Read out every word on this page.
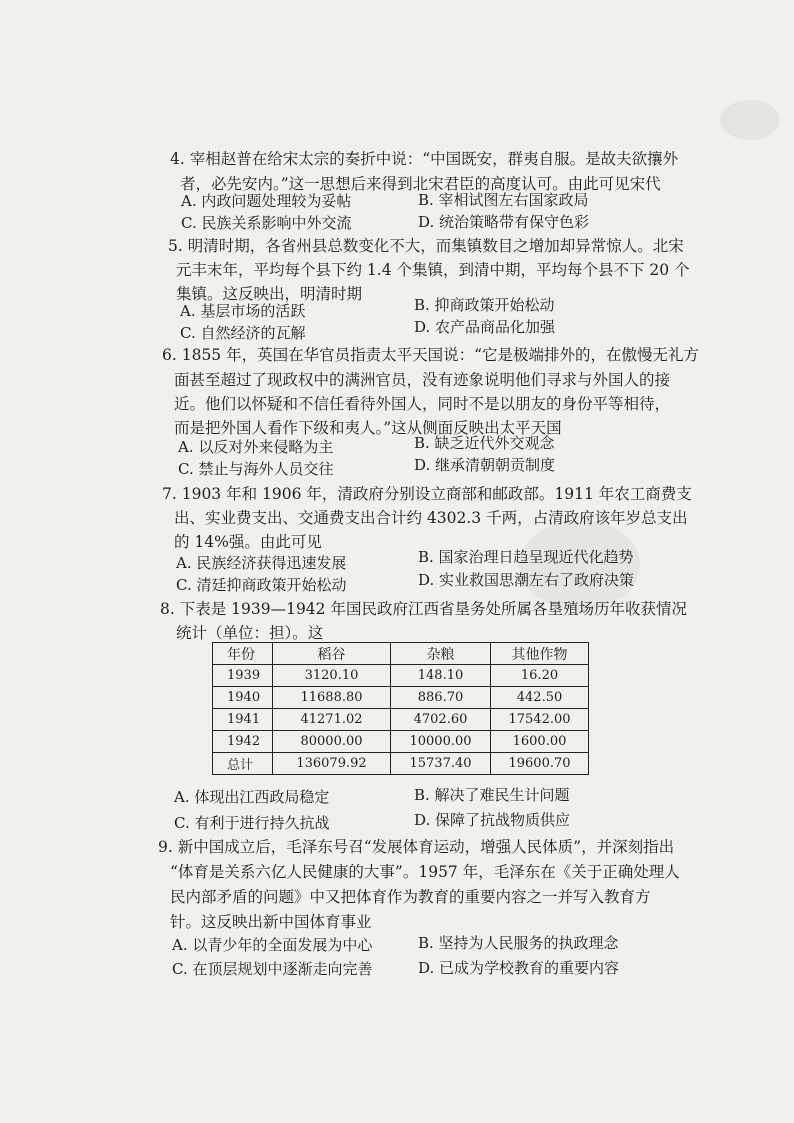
4. 宰相赵普在给宋太宗的奏折中说：“中国既安，群夷自服。是故夫欲攘外
者，必先安内。”这一思想后来得到北宋君臣的高度认可。由此可见宋代
A. 内政问题处理较为妥帖	B. 宰相试图左右国家政局
C. 民族关系影响中外交流	D. 统治策略带有保守色彩
5. 明清时期，各省州县总数变化不大，而集镇数目之增加却异常惊人。北宋
元丰末年，平均每个县下约 1.4 个集镇，到清中期，平均每个县不下 20 个
集镇。这反映出，明清时期
A. 基层市场的活跃	B. 抑商政策开始松动
C. 自然经济的瓦解	D. 农产品商品化加强
6. 1855 年，英国在华官员指责太平天国说：“它是极端排外的，在傲慢无礼方
面甚至超过了现政权中的满洲官员，没有迹象说明他们寻求与外国人的接
近。他们以怀疑和不信任看待外国人，同时不是以朋友的身份平等相待，
而是把外国人看作下级和夷人。”这从侧面反映出太平天国
A. 以反对外来侵略为主	B. 缺乏近代外交观念
C. 禁止与海外人员交往	D. 继承清朝朝贡制度
7. 1903 年和 1906 年，清政府分别设立商部和邮政部。1911 年农工商费支
出、实业费支出、交通费支出合计约 4302.3 千两，占清政府该年岁总支出
的 14%强。由此可见
A. 民族经济获得迅速发展	B. 国家治理日趋呈现近代化趋势
C. 清廷抑商政策开始松动	D. 实业救国思潮左右了政府决策
8. 下表是 1939—1942 年国民政府江西省垦务处所属各垦殖场历年收获情况
统计（单位：担）。这
年份	稻谷	杂粮	其他作物
1939	3120.10	148.10	16.20
1940	11688.80	886.70	442.50
1941	41271.02	4702.60	17542.00
1942	80000.00	10000.00	1600.00
总计	136079.92	15737.40	19600.70
A. 体现出江西政局稳定	B. 解决了难民生计问题
C. 有利于进行持久抗战	D. 保障了抗战物质供应
9. 新中国成立后，毛泽东号召“发展体育运动，增强人民体质”，并深刻指出
“体育是关系六亿人民健康的大事”。1957 年，毛泽东在《关于正确处理人
民内部矛盾的问题》中又把体育作为教育的重要内容之一并写入教育方
针。这反映出新中国体育事业
A. 以青少年的全面发展为中心	B. 坚持为人民服务的执政理念
C. 在顶层规划中逐渐走向完善	D. 已成为学校教育的重要内容
